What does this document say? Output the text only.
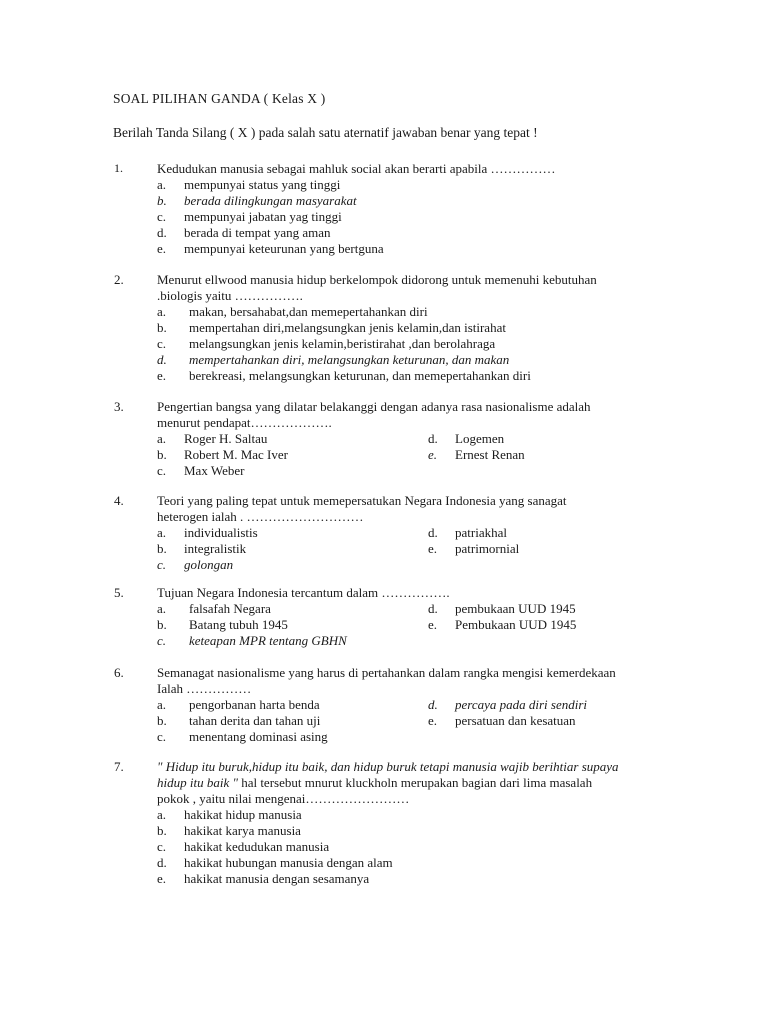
SOAL PILIHAN GANDA ( Kelas X )
Berilah Tanda Silang ( X ) pada salah satu aternatif jawaban benar yang tepat !
1.	Kedudukan manusia sebagai mahluk social akan berarti apabila ……………
a. mempunyai status yang tinggi
b. berada dilingkungan masyarakat
c. mempunyai jabatan yag tinggi
d. berada di tempat yang aman
e. mempunyai keteurunan yang bertguna
2.	Menurut ellwood manusia hidup berkelompok didorong untuk memenuhi kebutuhan
.biologis yaitu …………….
a. makan, bersahabat,dan memepertahankan diri
b. mempertahan diri,melangsungkan jenis kelamin,dan istirahat
c. melangsungkan jenis kelamin,beristirahat ,dan berolahraga
d. mempertahankan diri, melangsungkan keturunan, dan makan
e. berekreasi, melangsungkan keturunan, dan memepertahankan diri
3.	Pengertian bangsa yang dilatar belakanggi dengan adanya rasa nasionalisme adalah
menurut pendapat……………….
a. Roger H. Saltau
b. Robert M. Mac Iver
c. Max Weber
d. Logemen
e. Ernest Renan
4.	Teori yang paling tepat untuk memepersatukan Negara Indonesia yang sanagat
heterogen ialah . ………………………
a. individualistis
b. integralistik
c. golongan
d. patriakhal
e. patrimornial
5.	Tujuan Negara Indonesia tercantum dalam …………….
a. falsafah Negara
b. Batang tubuh 1945
c. keteapan MPR tentang GBHN
d. pembukaan UUD 1945
e. Pembukaan UUD 1945
6.	Semanagat nasionalisme yang harus di pertahankan dalam rangka mengisi kemerdekaan
Ialah ……………
a. pengorbanan harta benda
b. tahan derita dan tahan uji
c. menentang dominasi asing
d. percaya pada diri sendiri
e. persatuan dan kesatuan
7.	" Hidup itu buruk,hidup itu baik, dan hidup buruk tetapi manusia wajib berihtiar supaya
hidup itu baik " hal tersebut mnurut kluckholn merupakan bagian dari lima masalah
pokok , yaitu nilai mengenai……………………
a. hakikat hidup manusia
b. hakikat karya manusia
c. hakikat kedudukan manusia
d. hakikat hubungan manusia dengan alam
e. hakikat manusia dengan sesamanya
